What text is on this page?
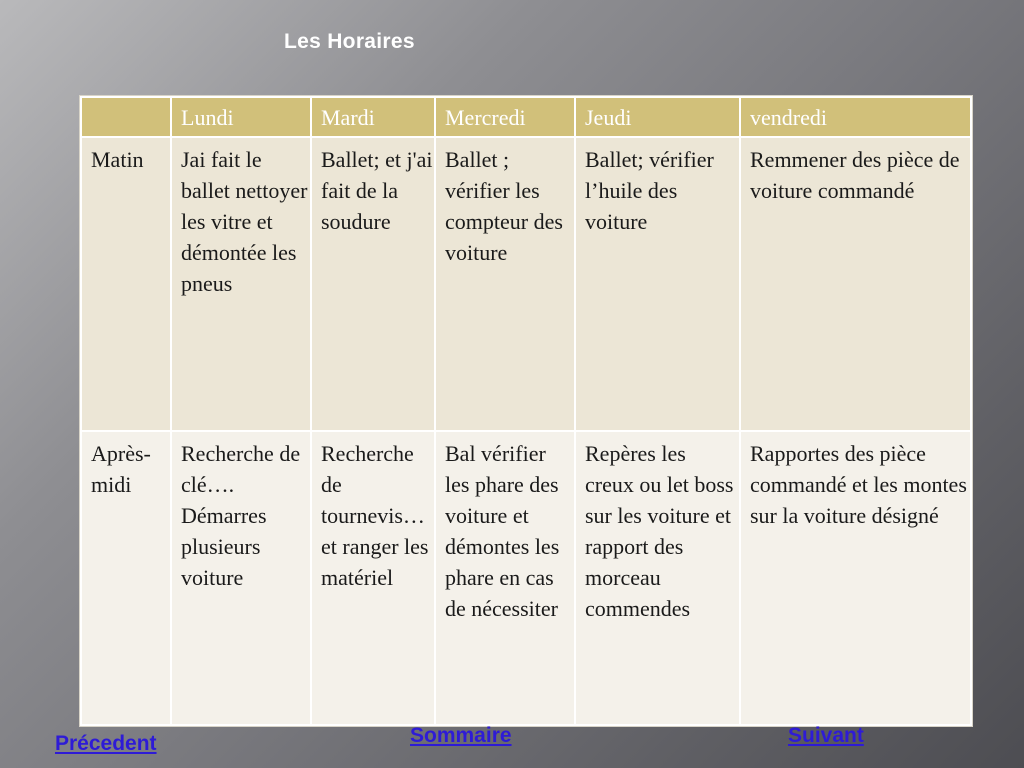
Les Horaires
	Lundi	Mardi	Mercredi	Jeudi	vendredi
Matin	Jai fait le ballet nettoyer les vitre et démontée les pneus	Ballet; et j'ai fait de la soudure	Ballet ; vérifier les compteur des voiture	Ballet; vérifier l’huile des voiture	Remmener des pièce de voiture commandé
Après-midi	Recherche de clé…. Démarres plusieurs voiture	Recherche de tournevis… et ranger les matériel	Bal vérifier les phare des voiture et démontes les phare en cas de nécessiter	Repères les creux ou let boss sur les voiture et rapport des morceau commendes	Rapportes des pièce commandé et les montes sur la voiture désigné
Précedent	Sommaire	Suivant
